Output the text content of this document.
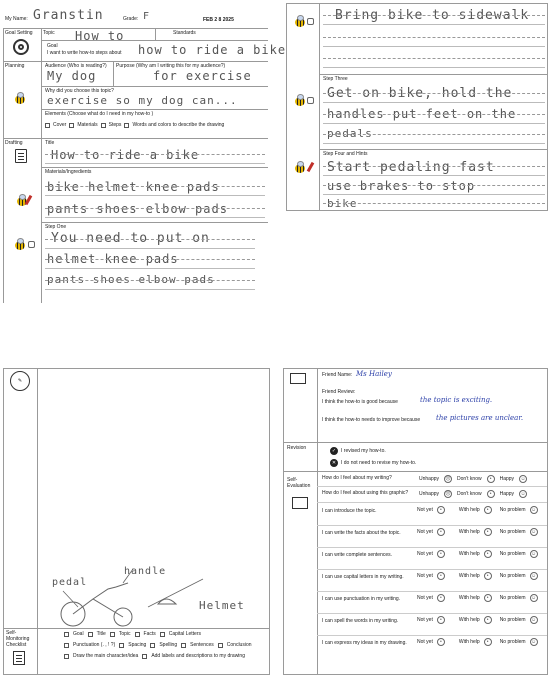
My Name: Granstin	Grade: F	FEB 2 8 2025
Goal Setting Topic How to	Standards
Goal
I want to write how-to steps about how to ride a bike
Planning	Audience (Who is reading?)
My dog
Purpose (Why am I writing this for my audience?)
for exercise
Why did you choose this topic?
exercise so my dog can...
Elements (Choose what do I need in my how-to )
Cover Materials Steps Words and colors to describe the drawing
Drafting	Title
How to ride a bike
Materials/Ingredients
bike helmet knee pads
pants shoes elbow pads
Step One
You need to put on
helmet knee pads
pants shoes elbow pads
Bring bike to sidewalk
Step Three
Get on bike, hold the
handles put feet on the
pedals
Step Four and Hints
Start pedaling fast
use brakes to stop
bike
✎
handle
pedal
Helmet
Self-Monitoring Checklist
Goal	Title	Topic	Facts	Capital Letters
Punctuation (. , ! ?)	Spacing	Spelling	Sentences	Conclusion
Draw the main character/idea	Add labels and descriptions to my drawing
Friend Name: Ms Hailey
Friend Review:
I think the how-to is good because	the topic is exciting.
I think the how-to needs to improve because the pictures are unclear.
Revision	✓ I revised my how-to.
✕ I do not need to revise my how-to.
Self-Evaluation
How do I feel about my writing?	Unhappy ☹ Don't know	•	Happy ☺
How do I feel about using this graphic? Unhappy ☹ Don't know	•	Happy ☺
I can introduce the topic.	Not yet	•	With help	•	No problem ☺
I can write the facts about the topic.	Not yet	•	With help	•	No problem ☺
I can write complete sentences.	Not yet	•	With help	•	No problem ☺
I can use capital letters in my writing.	Not yet	•	With help	•	No problem ☺
I can use punctuation in my writing.	Not yet	•	With help	•	No problem ☺
I can spell the words in my writing.	Not yet	•	With help	•	No problem ☺
I can express my ideas in my drawing. Not yet	•	With help	•	No problem ☺
